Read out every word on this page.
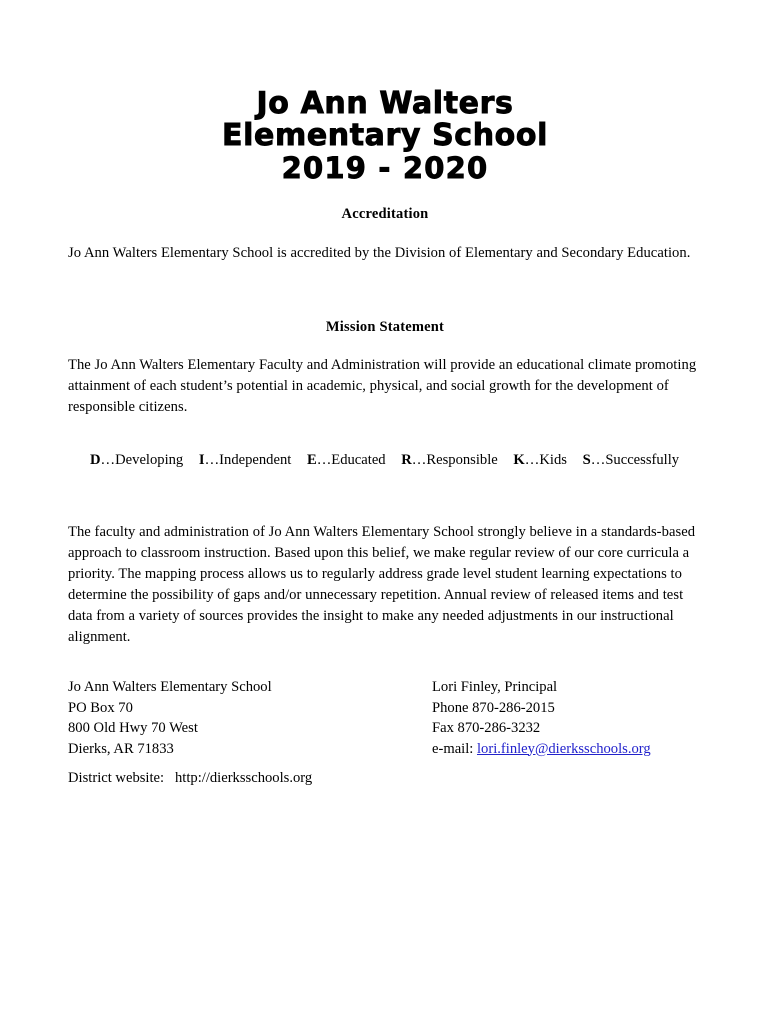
Jo Ann Walters
Elementary School
2019 - 2020
Accreditation
Jo Ann Walters Elementary School is accredited by the Division of Elementary and Secondary Education.
Mission Statement
The Jo Ann Walters Elementary Faculty and Administration will provide an educational climate promoting attainment of each student’s potential in academic, physical, and social growth for the development of responsible citizens.
D…Developing I…Independent E…Educated R…Responsible K…Kids S…Successfully
The faculty and administration of Jo Ann Walters Elementary School strongly believe in a standards-based approach to classroom instruction. Based upon this belief, we make regular review of our core curricula a priority. The mapping process allows us to regularly address grade level student learning expectations to determine the possibility of gaps and/or unnecessary repetition. Annual review of released items and test data from a variety of sources provides the insight to make any needed adjustments in our instructional alignment.
Jo Ann Walters Elementary School
PO Box 70
800 Old Hwy 70 West
Dierks, AR 71833
Lori Finley, Principal
Phone 870-286-2015
Fax 870-286-3232
e-mail: lori.finley@dierksschools.org
District website:   http://dierksschools.org
